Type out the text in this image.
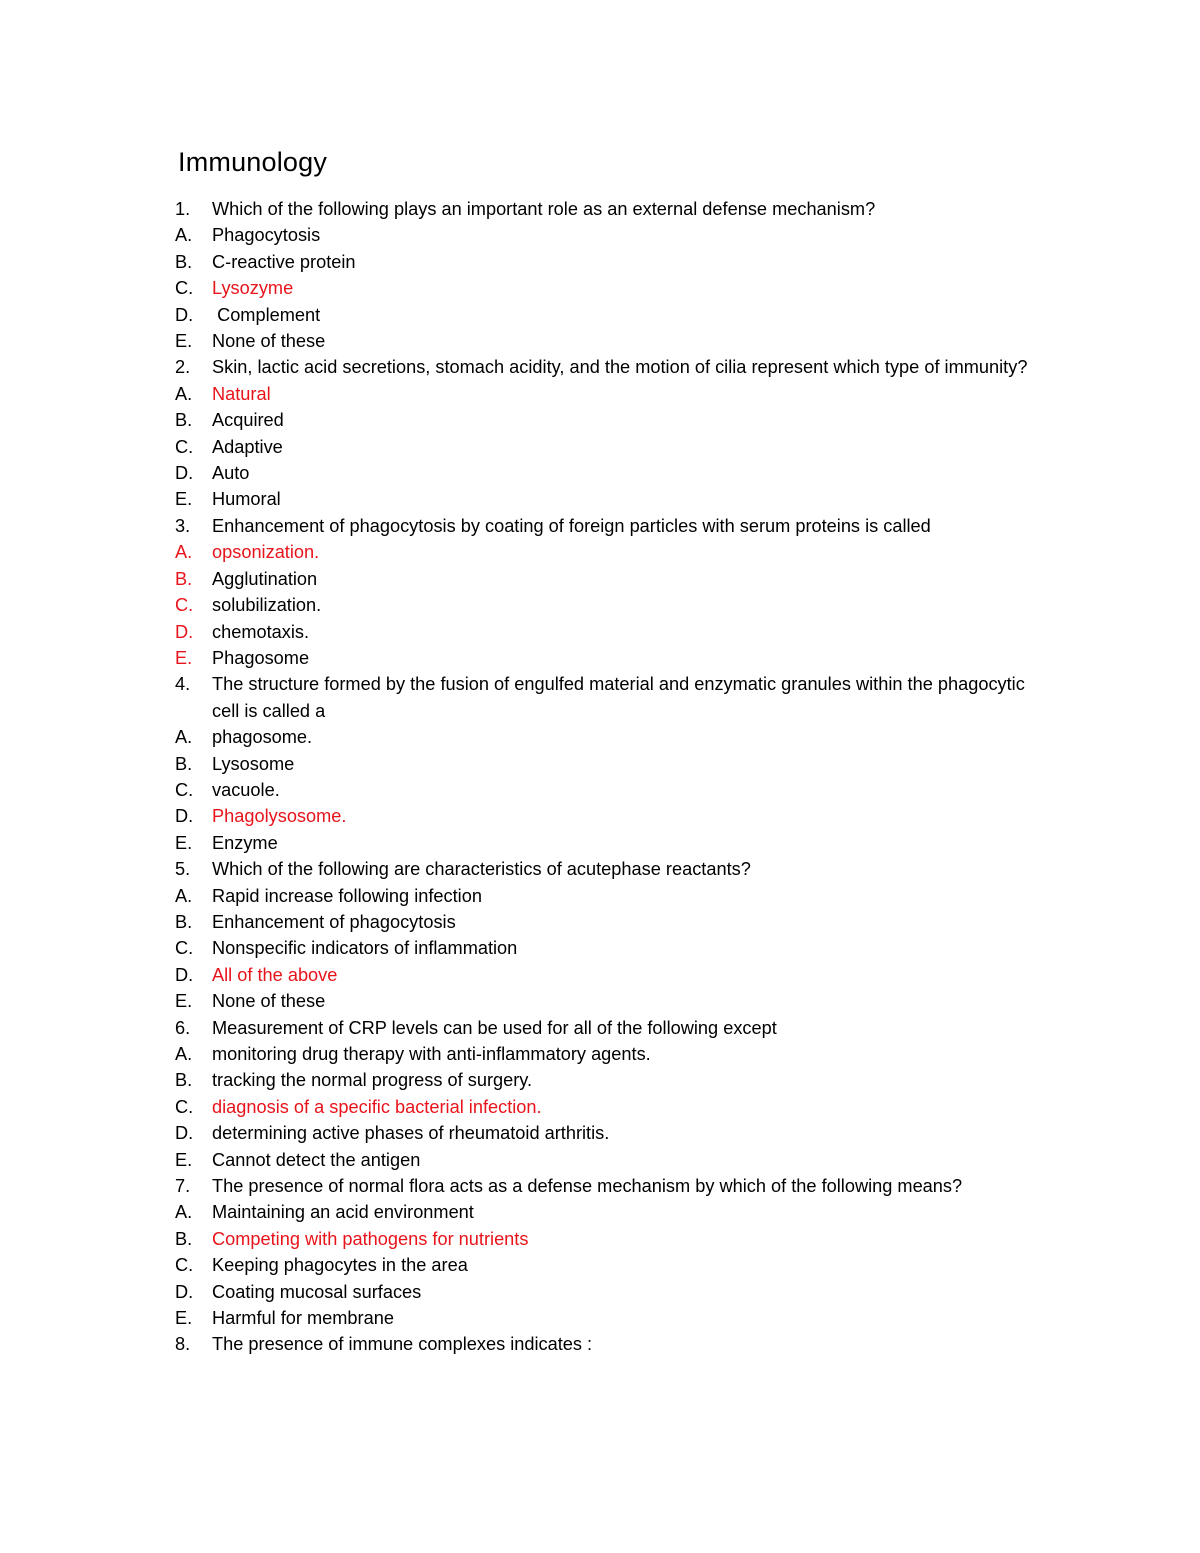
Immunology
1.	Which of the following plays an important role as an external defense mechanism?
A.	Phagocytosis
B.	C-reactive protein
C.	Lysozyme
D.	Complement
E.	None of these
2.	Skin, lactic acid secretions, stomach acidity, and the motion of cilia represent which type of immunity?
A.	Natural
B.	Acquired
C.	Adaptive
D.	Auto
E.	Humoral
3.	Enhancement of phagocytosis by coating of foreign particles with serum proteins is called
A.	opsonization.
B.	Agglutination
C.	solubilization.
D.	chemotaxis.
E.	Phagosome
4.	The structure formed by the fusion of engulfed material and enzymatic granules within the phagocytic cell is called a
A.	phagosome.
B.	Lysosome
C.	vacuole.
D.	Phagolysosome.
E.	Enzyme
5.	Which of the following are characteristics of acutephase reactants?
A.	Rapid increase following infection
B.	Enhancement of phagocytosis
C.	Nonspecific indicators of inflammation
D.	All of the above
E.	None of these
6.	Measurement of CRP levels can be used for all of the following except
A.	monitoring drug therapy with anti-inflammatory agents.
B.	tracking the normal progress of surgery.
C.	diagnosis of a specific bacterial infection.
D.	determining active phases of rheumatoid arthritis.
E.	Cannot detect the antigen
7.	The presence of normal flora acts as a defense mechanism by which of the following means?
A.	Maintaining an acid environment
B.	Competing with pathogens for nutrients
C.	Keeping phagocytes in the area
D.	Coating mucosal surfaces
E.	Harmful for membrane
8.	The presence of immune complexes indicates :
